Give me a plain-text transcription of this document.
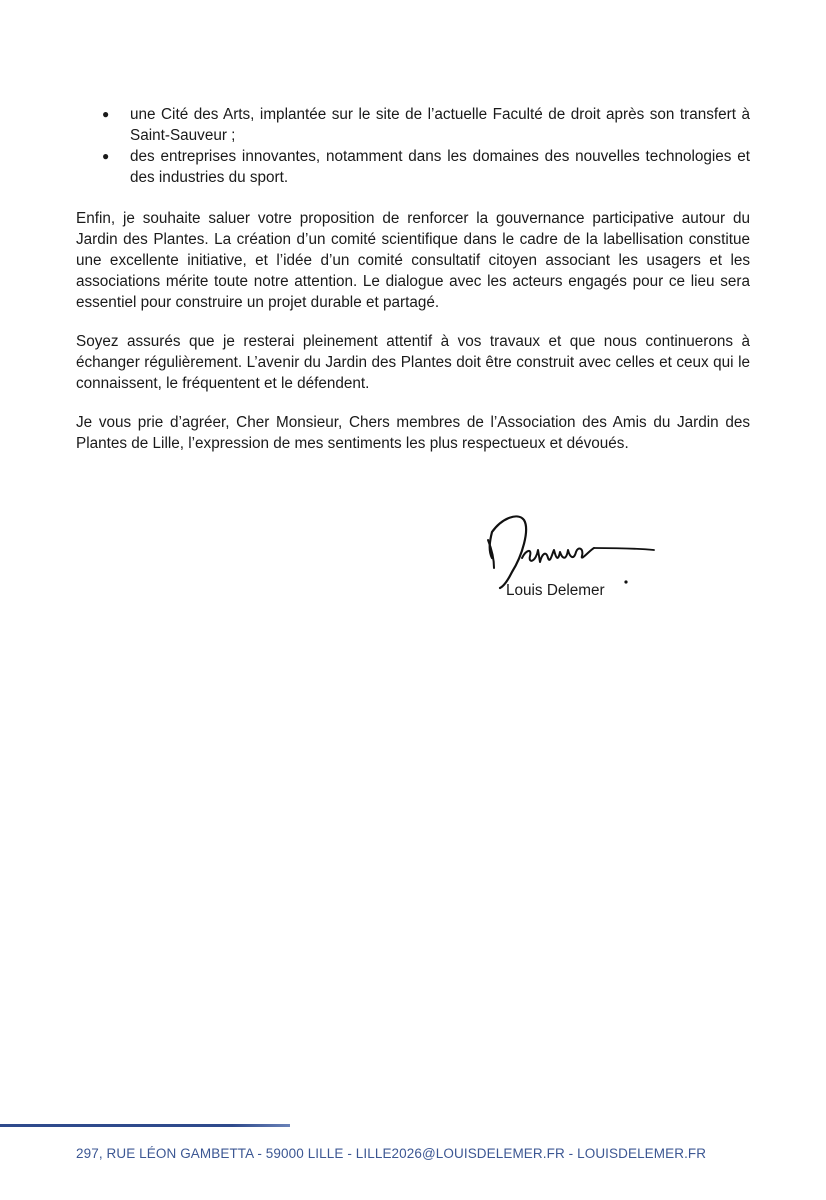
● une Cité des Arts, implantée sur le site de l’actuelle Faculté de droit après son transfert à Saint-Sauveur ;
● des entreprises innovantes, notamment dans les domaines des nouvelles technologies et des industries du sport.

Enfin, je souhaite saluer votre proposition de renforcer la gouvernance participative autour du Jardin des Plantes. La création d’un comité scientifique dans le cadre de la labellisation constitue une excellente initiative, et l’idée d’un comité consultatif citoyen associant les usagers et les associations mérite toute notre attention. Le dialogue avec les acteurs engagés pour ce lieu sera essentiel pour construire un projet durable et partagé.

Soyez assurés que je resterai pleinement attentif à vos travaux et que nous continuerons à échanger régulièrement. L’avenir du Jardin des Plantes doit être construit avec celles et ceux qui le connaissent, le fréquentent et le défendent.

Je vous prie d’agréer, Cher Monsieur, Chers membres de l’Association des Amis du Jardin des Plantes de Lille, l’expression de mes sentiments les plus respectueux et dévoués.

Louis Delemer
297, RUE LÉON GAMBETTA - 59000 LILLE - LILLE2026@LOUISDELEMER.FR - LOUISDELEMER.FR
